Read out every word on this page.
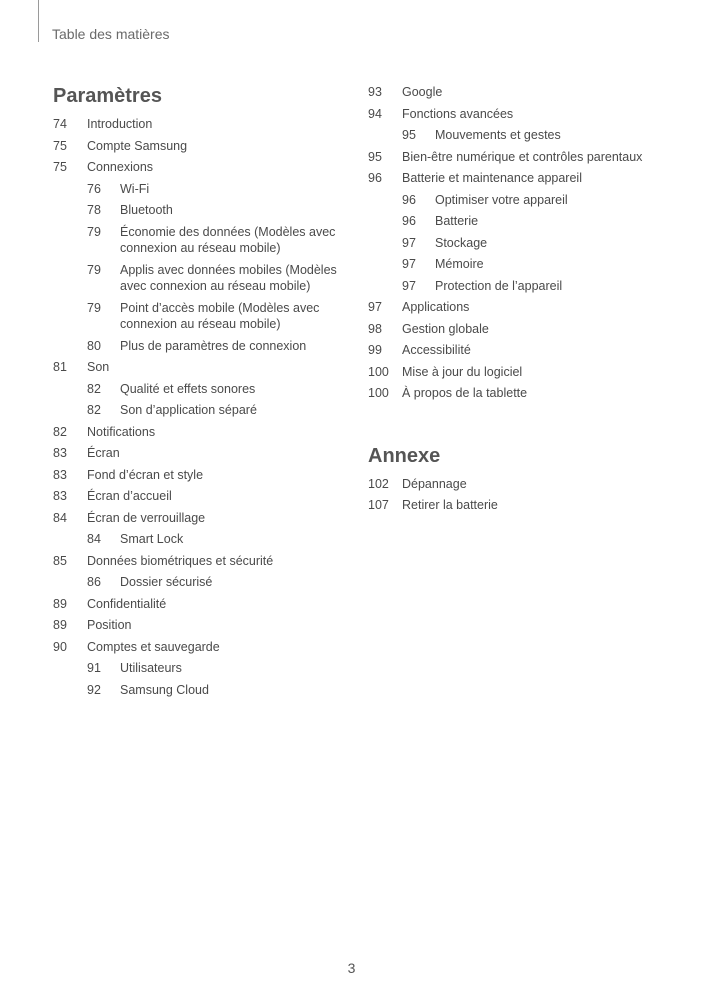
Table des matières
Paramètres
74	Introduction
75	Compte Samsung
75	Connexions
76	Wi-Fi
78	Bluetooth
79	Économie des données (Modèles avec connexion au réseau mobile)
79	Applis avec données mobiles (Modèles avec connexion au réseau mobile)
79	Point d’accès mobile (Modèles avec connexion au réseau mobile)
80	Plus de paramètres de connexion
81	Son
82	Qualité et effets sonores
82	Son d’application séparé
82	Notifications
83	Écran
83	Fond d’écran et style
83	Écran d’accueil
84	Écran de verrouillage
84	Smart Lock
85	Données biométriques et sécurité
86	Dossier sécurisé
89	Confidentialité
89	Position
90	Comptes et sauvegarde
91	Utilisateurs
92	Samsung Cloud
93	Google
94	Fonctions avancées
95	Mouvements et gestes
95	Bien-être numérique et contrôles parentaux
96	Batterie et maintenance appareil
96	Optimiser votre appareil
96	Batterie
97	Stockage
97	Mémoire
97	Protection de l’appareil
97	Applications
98	Gestion globale
99	Accessibilité
100	Mise à jour du logiciel
100	À propos de la tablette
Annexe
102	Dépannage
107	Retirer la batterie
3
